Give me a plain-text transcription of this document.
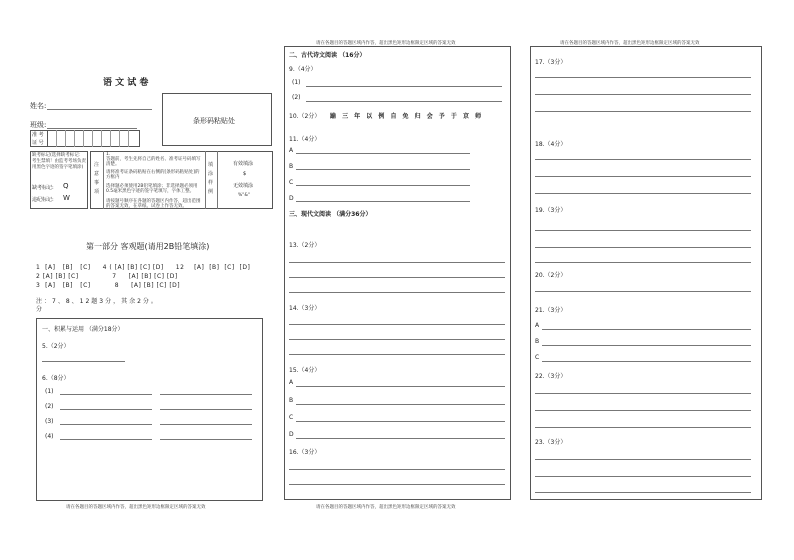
语 文 试 卷
姓名:
班级:
准 考
证 号
条形码粘贴处
缺考标记(选择缺考标记：考生禁填！由监考考场负责用黑色字迹的签字笔填涂)
缺考标记: Q
违纪标记: W
注意事项
1.
答题前，考生先将自己的姓名、准考证号码填写清楚。
请将准考证条码粘贴在右侧的[条形码粘贴处]的方框内
选择题必须使用2B铅笔填涂；非选择题必须用0.5毫米黑色字迹的签字笔填写，字体工整。
请按题号顺序在各题的答题区内作答，超出范围的答案无效，在草纸、试卷上作答无效。
填涂样例
有效填涂
$
无效填涂
%"&"
第一部分 客观题(请用2B铅笔填涂)
1 [A] [B] [C] 4 ( [A] [B] [C] [D] 12 [A] [B] [C] [D]
2 [A] [B] [C]	7 [A] [B] [C] [D]
3 [A] [B] [C]	8 [A] [B] [C] [D]
注：7、8、12题3分，其余2分。
分
一、积累与运用 （满分18分）
5.（2分）
6.（8分）
(1)
(2)
(3)
(4)
请在各题目的答题区域内作答，超出黑色矩形边框限定区域的答案无效
请在各题目的答题区域内作答，超出黑色矩形边框限定区域的答案无效
二、古代诗文阅读 （16分）
9.（4分）
(1)
(2)
10.（2分） 踰 三 年 以 例 自 免 归 会 予 于 京 师
11.（4分）
A
B
C
D
三、现代文阅读 （满分36分）
13.（2分）
14.（3分）
15.（4分）
A
B
C
D
16.（3分）
请在各题目的答题区域内作答，超出黑色矩形边框限定区域的答案无效
请在各题目的答题区域内作答，超出黑色矩形边框限定区域的答案无效
17.（3分）
18.（4分）
19.（3分）
20.（2分）
21.（3分）
A
B
C
22.（3分）
23.（3分）
